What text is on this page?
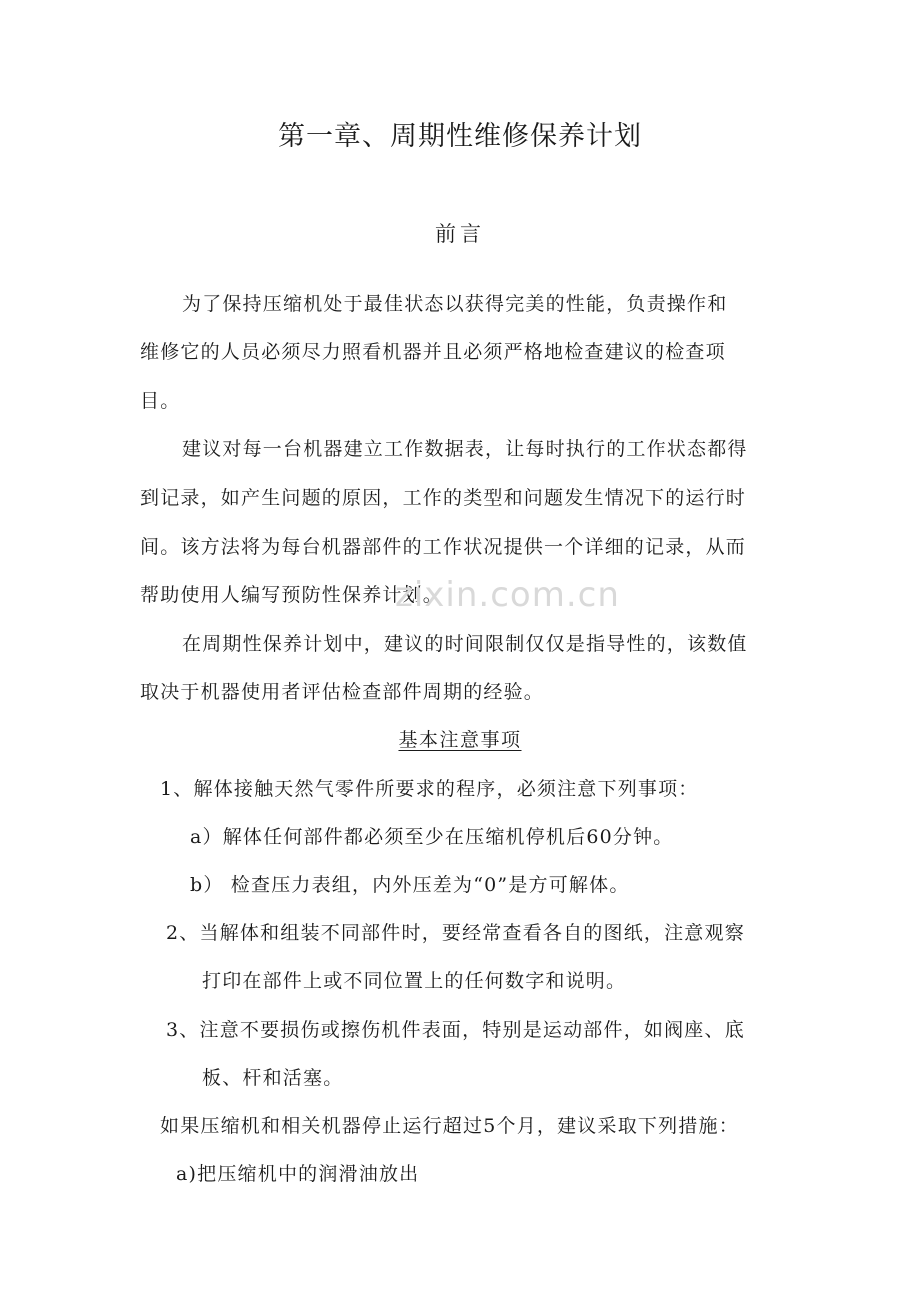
第一章、周期性维修保养计划
前言
为了保持压缩机处于最佳状态以获得完美的性能，负责操作和
维修它的人员必须尽力照看机器并且必须严格地检查建议的检查项
目。
建议对每一台机器建立工作数据表，让每时执行的工作状态都得
到记录，如产生问题的原因，工作的类型和问题发生情况下的运行时
间。该方法将为每台机器部件的工作状况提供一个详细的记录，从而
帮助使用人编写预防性保养计划。
在周期性保养计划中，建议的时间限制仅仅是指导性的，该数值
取决于机器使用者评估检查部件周期的经验。
基本注意事项
1、解体接触天然气零件所要求的程序，必须注意下列事项：
a）解体任何部件都必须至少在压缩机停机后60分钟。
b） 检查压力表组，内外压差为“0”是方可解体。
2、当解体和组装不同部件时，要经常查看各自的图纸，注意观察
打印在部件上或不同位置上的任何数字和说明。
3、注意不要损伤或擦伤机件表面，特别是运动部件，如阀座、底
板、杆和活塞。
如果压缩机和相关机器停止运行超过5个月，建议采取下列措施：
a)把压缩机中的润滑油放出
zixin.com.cn
